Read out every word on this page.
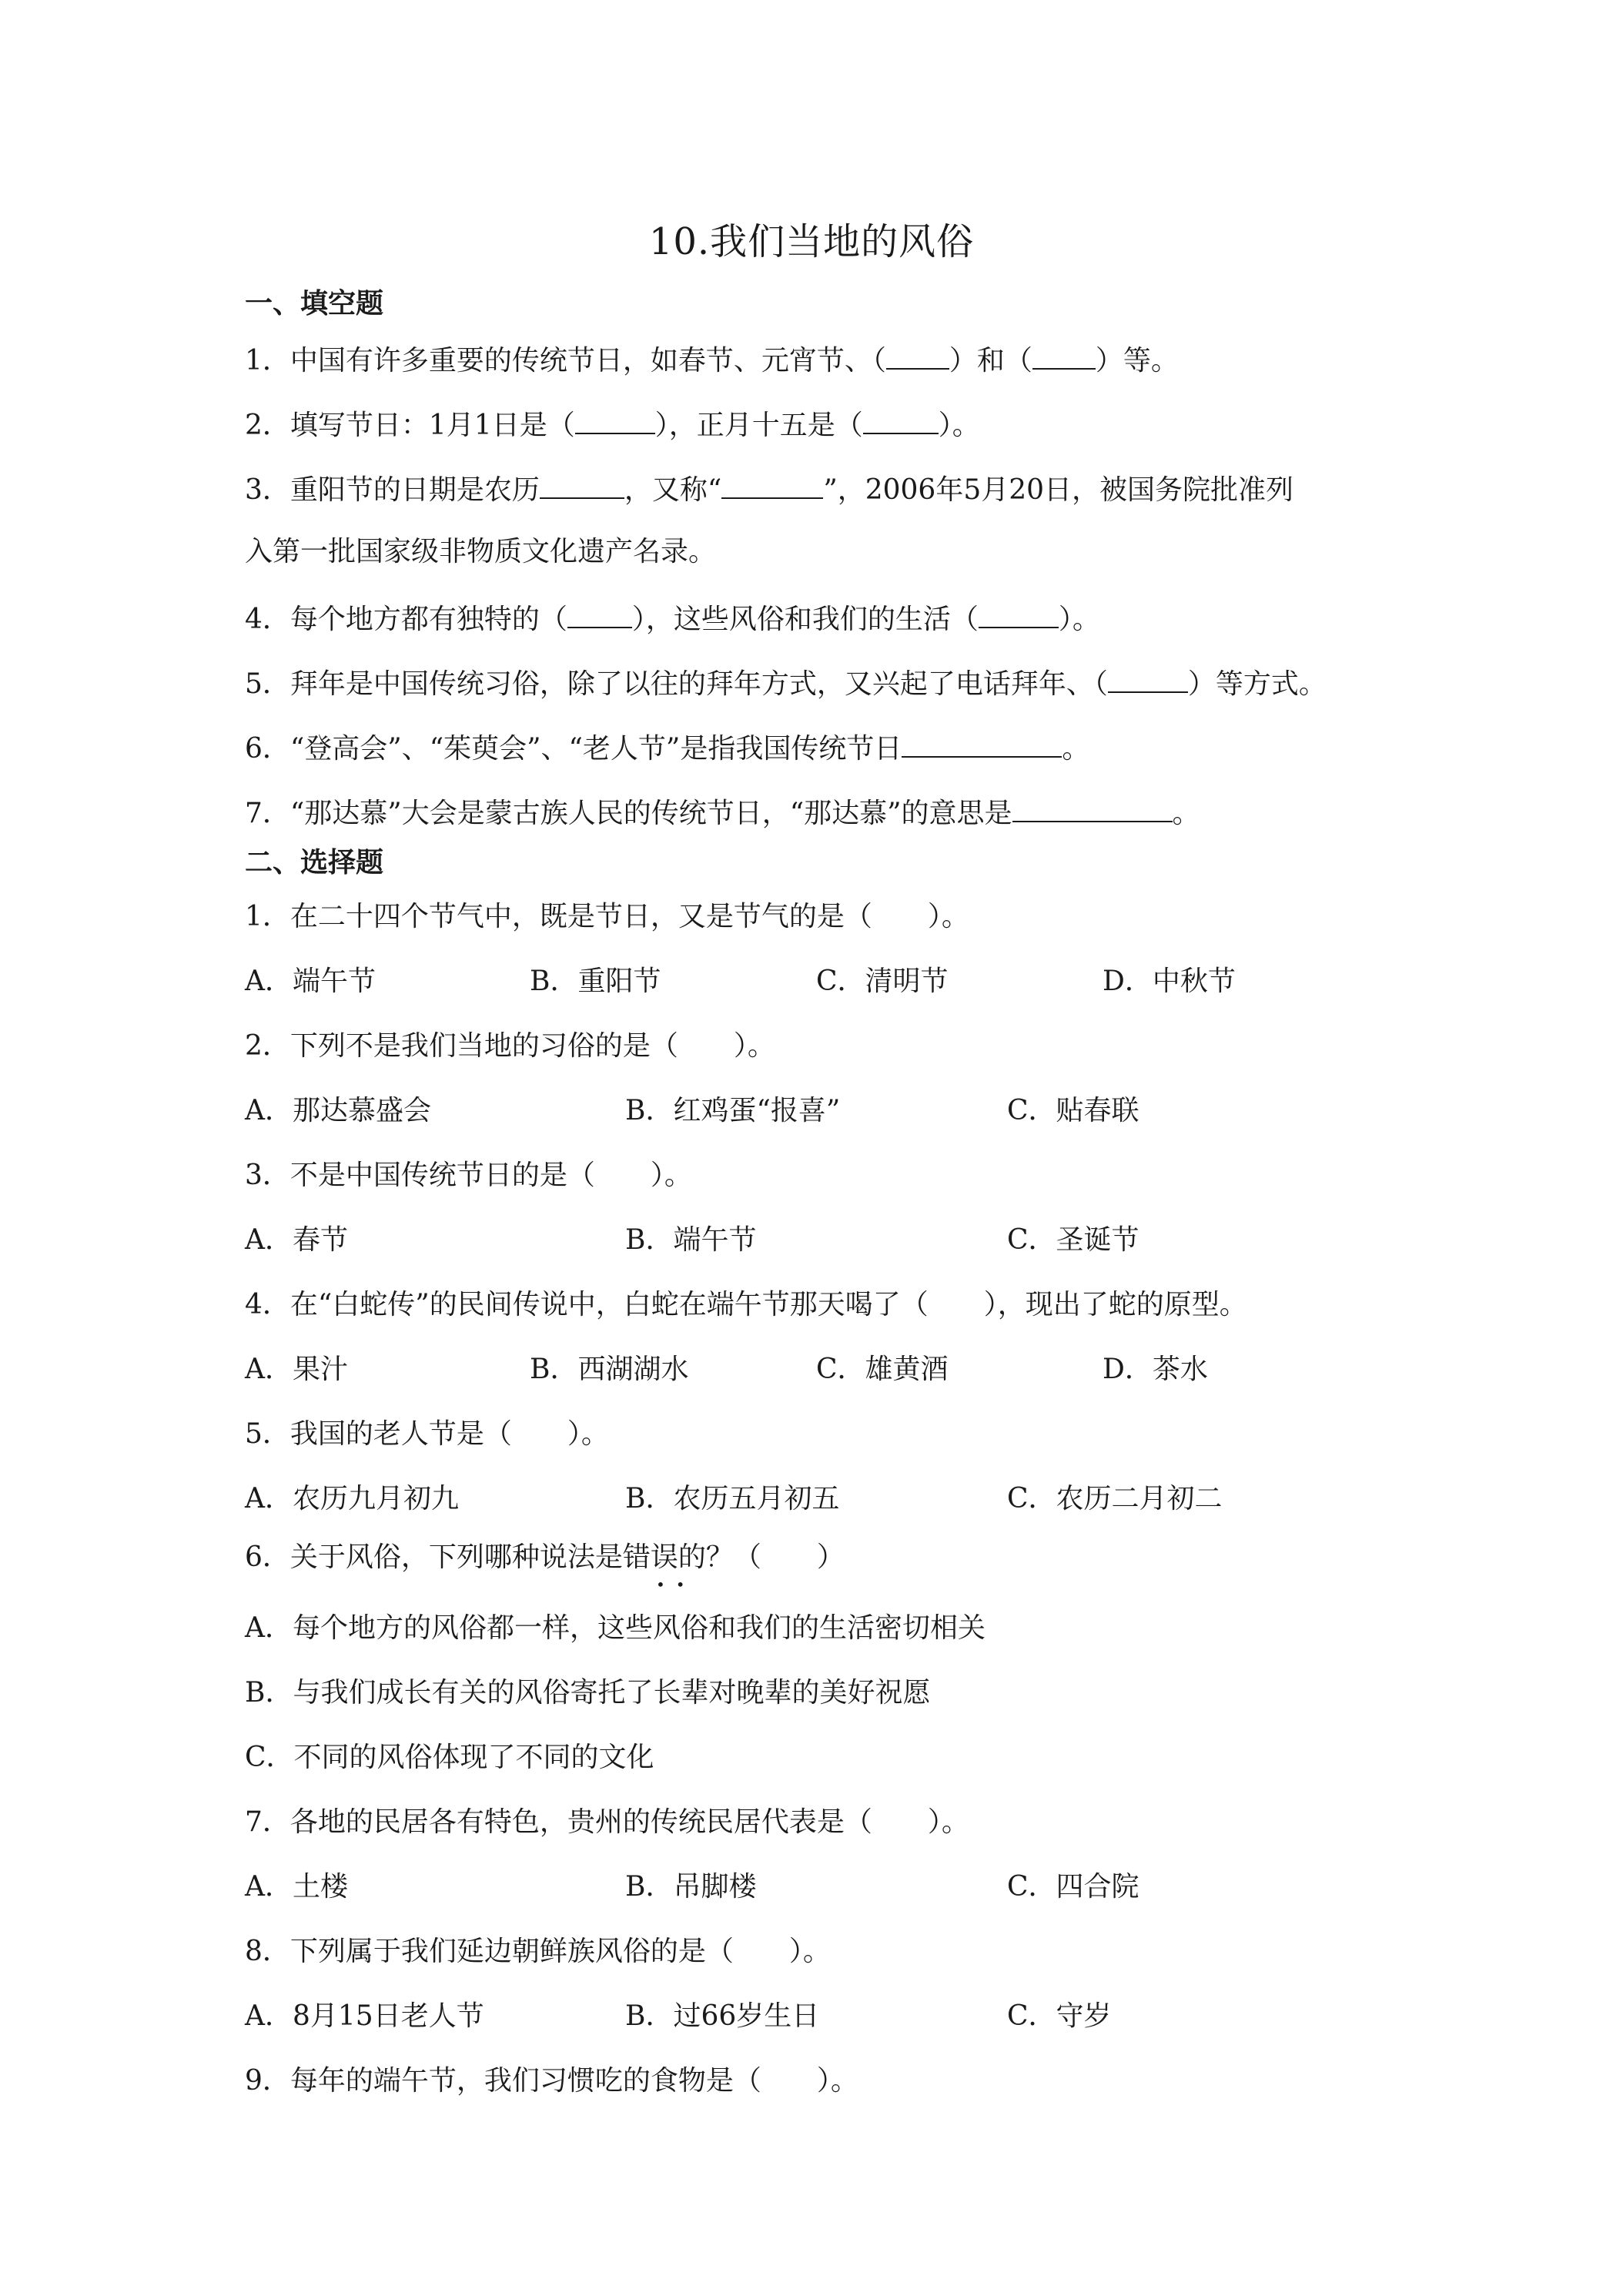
10.我们当地的风俗
一、填空题
1．中国有许多重要的传统节日，如春节、元宵节、（ ）和（ ）等。
2．填写节日：1月1日是（	），正月十五是（	）。
3．重阳节的日期是农历	，又称“	”，2006年5月20日，被国务院批准列
入第一批国家级非物质文化遗产名录。
4．每个地方都有独特的（ ），这些风俗和我们的生活（	）。
5．拜年是中国传统习俗，除了以往的拜年方式，又兴起了电话拜年、（	）等方式。
6．“登高会”、“茱萸会”、“老人节”是指我国传统节日	。
7．“那达慕”大会是蒙古族人民的传统节日，“那达慕”的意思是	。
二、选择题
1．在二十四个节气中，既是节日，又是节气的是（　　）。
A．端午节	B．重阳节	C．清明节	D．中秋节
2．下列不是我们当地的习俗的是（　　）。
A．那达慕盛会	B．红鸡蛋“报喜”	C．贴春联
3．不是中国传统节日的是（　　）。
A．春节	B．端午节	C．圣诞节
4．在“白蛇传”的民间传说中，白蛇在端午节那天喝了（　　），现出了蛇的原型。
A．果汁	B．西湖湖水	C．雄黄酒	D．茶水
5．我国的老人节是（　　）。
A．农历九月初九	B．农历五月初五	C．农历二月初二
6．关于风俗，下列哪种说法是错误的？（　　）
••
A．每个地方的风俗都一样，这些风俗和我们的生活密切相关
B．与我们成长有关的风俗寄托了长辈对晚辈的美好祝愿
C．不同的风俗体现了不同的文化
7．各地的民居各有特色，贵州的传统民居代表是（　　）。
A．土楼	B．吊脚楼	C．四合院
8．下列属于我们延边朝鲜族风俗的是（　　）。
A．8月15日老人节	B．过66岁生日	C．守岁
9．每年的端午节，我们习惯吃的食物是（　　）。
